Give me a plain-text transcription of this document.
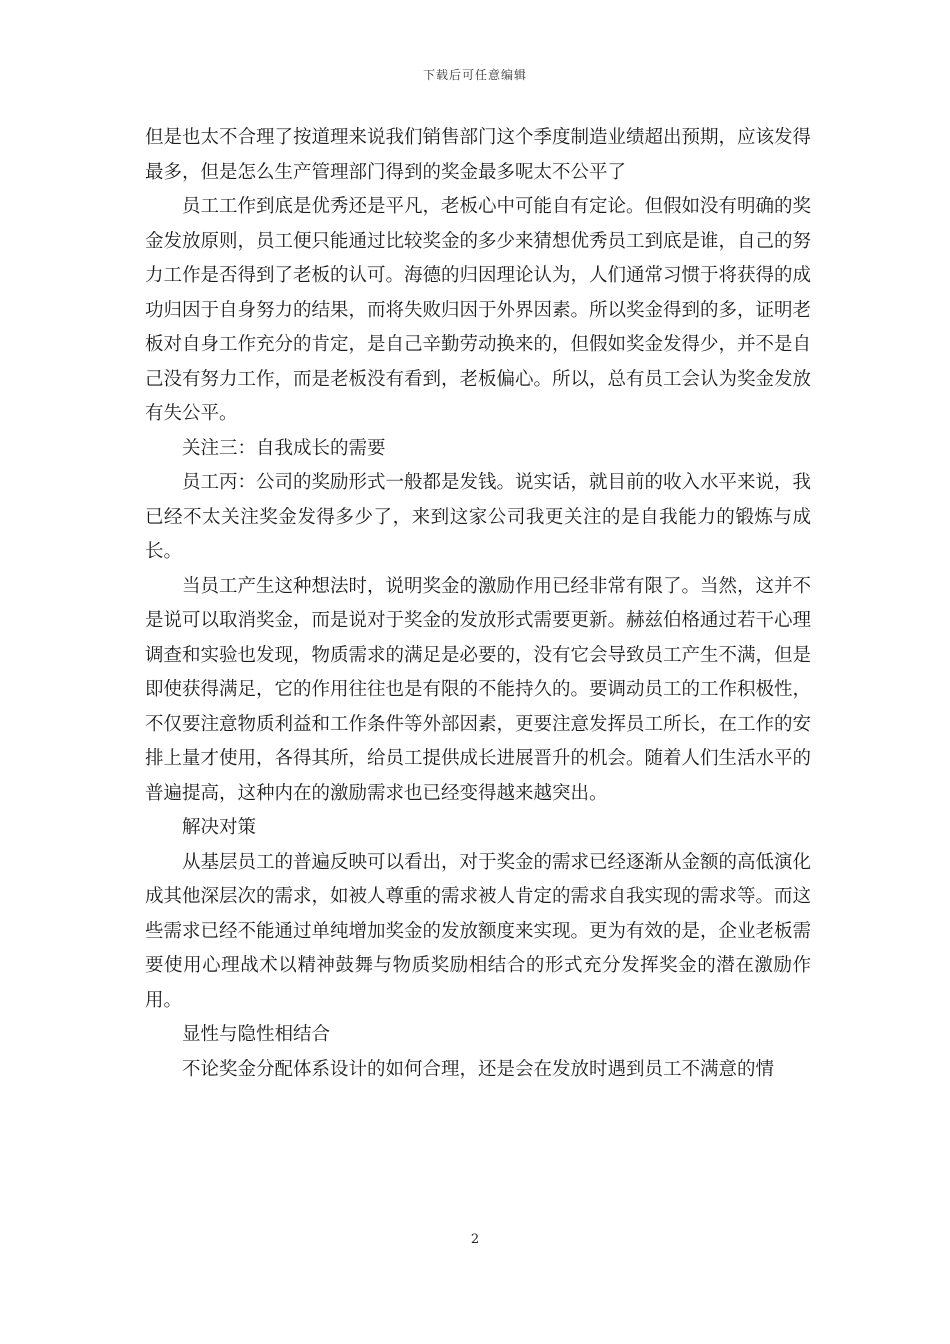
下载后可任意编辑

但是也太不合理了按道理来说我们销售部门这个季度制造业绩超出预期，应该发得最多，但是怎么生产管理部门得到的奖金最多呢太不公平了

员工工作到底是优秀还是平凡，老板心中可能自有定论。但假如没有明确的奖金发放原则，员工便只能通过比较奖金的多少来猜想优秀员工到底是谁，自己的努力工作是否得到了老板的认可。海德的归因理论认为，人们通常习惯于将获得的成功归因于自身努力的结果，而将失败归因于外界因素。所以奖金得到的多，证明老板对自身工作充分的肯定，是自己辛勤劳动换来的，但假如奖金发得少，并不是自己没有努力工作，而是老板没有看到，老板偏心。所以，总有员工会认为奖金发放有失公平。

关注三：自我成长的需要

员工丙：公司的奖励形式一般都是发钱。说实话，就目前的收入水平来说，我已经不太关注奖金发得多少了，来到这家公司我更关注的是自我能力的锻炼与成长。

当员工产生这种想法时，说明奖金的激励作用已经非常有限了。当然，这并不是说可以取消奖金，而是说对于奖金的发放形式需要更新。赫兹伯格通过若干心理调查和实验也发现，物质需求的满足是必要的，没有它会导致员工产生不满，但是即使获得满足，它的作用往往也是有限的不能持久的。要调动员工的工作积极性，不仅要注意物质利益和工作条件等外部因素，更要注意发挥员工所长，在工作的安排上量才使用，各得其所，给员工提供成长进展晋升的机会。随着人们生活水平的普遍提高，这种内在的激励需求也已经变得越来越突出。

解决对策

从基层员工的普遍反映可以看出，对于奖金的需求已经逐渐从金额的高低演化成其他深层次的需求，如被人尊重的需求被人肯定的需求自我实现的需求等。而这些需求已经不能通过单纯增加奖金的发放额度来实现。更为有效的是，企业老板需要使用心理战术以精神鼓舞与物质奖励相结合的形式充分发挥奖金的潜在激励作用。

显性与隐性相结合

不论奖金分配体系设计的如何合理，还是会在发放时遇到员工不满意的情

2
